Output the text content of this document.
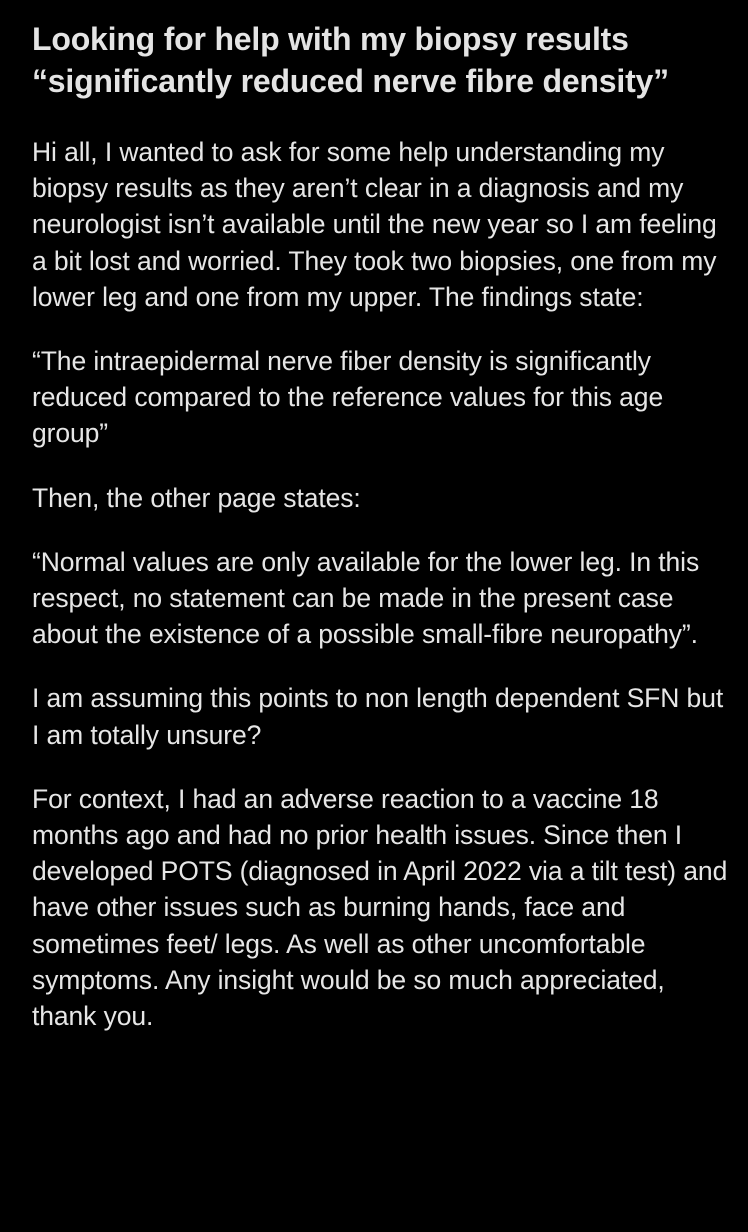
Looking for help with my biopsy results “significantly reduced nerve fibre density”

Hi all, I wanted to ask for some help understanding my biopsy results as they aren’t clear in a diagnosis and my neurologist isn’t available until the new year so I am feeling a bit lost and worried. They took two biopsies, one from my lower leg and one from my upper. The findings state:

“The intraepidermal nerve fiber density is significantly reduced compared to the reference values for this age group”

Then, the other page states:

“Normal values are only available for the lower leg. In this respect, no statement can be made in the present case about the existence of a possible small-fibre neuropathy”.

I am assuming this points to non length dependent SFN but I am totally unsure?

For context, I had an adverse reaction to a vaccine 18 months ago and had no prior health issues. Since then I developed POTS (diagnosed in April 2022 via a tilt test) and have other issues such as burning hands, face and sometimes feet/ legs. As well as other uncomfortable symptoms. Any insight would be so much appreciated, thank you.
